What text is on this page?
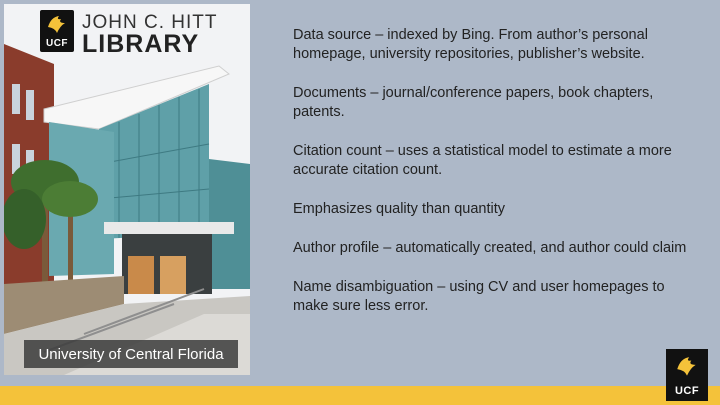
UCF
JOHN C. HITT
LIBRARY
University of Central Florida

Data source – indexed by Bing. From author’s personal homepage, university repositories, publisher’s website.

Documents – journal/conference papers, book chapters, patents.

Citation count – uses a statistical model to estimate a more accurate citation count.

Emphasizes quality than quantity

Author profile – automatically created, and author could claim

Name disambiguation – using CV and user homepages to make sure less error.

UCF
